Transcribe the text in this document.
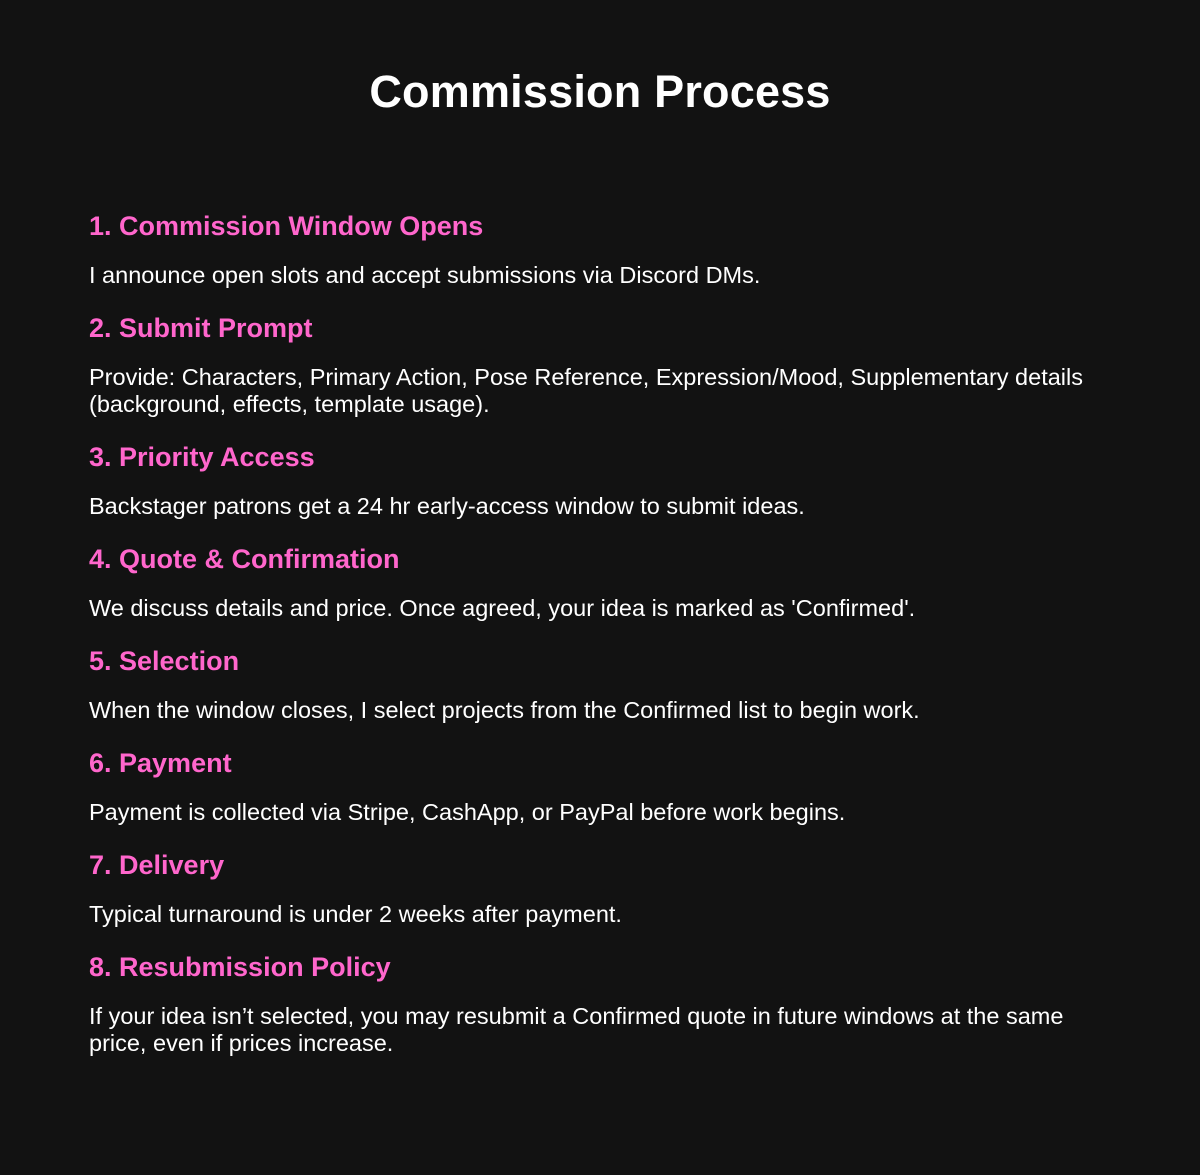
Commission Process
1. Commission Window Opens

I announce open slots and accept submissions via Discord DMs.

2. Submit Prompt

Provide: Characters, Primary Action, Pose Reference, Expression/Mood, Supplementary details (background, effects, template usage).

3. Priority Access

Backstager patrons get a 24 hr early-access window to submit ideas.

4. Quote & Confirmation

We discuss details and price. Once agreed, your idea is marked as 'Confirmed'.

5. Selection

When the window closes, I select projects from the Confirmed list to begin work.

6. Payment

Payment is collected via Stripe, CashApp, or PayPal before work begins.

7. Delivery

Typical turnaround is under 2 weeks after payment.

8. Resubmission Policy

If your idea isn’t selected, you may resubmit a Confirmed quote in future windows at the same price, even if prices increase.
